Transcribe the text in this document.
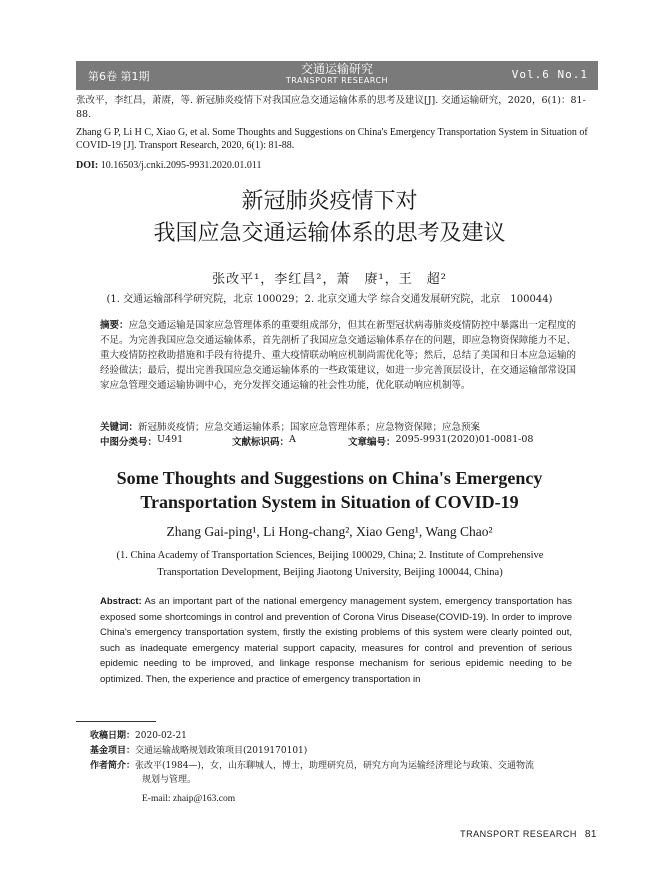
第6卷 第1期
交通运输研究
TRANSPORT RESEARCH	Vol.6 No.1
张改平，李红昌，萧赓，等. 新冠肺炎疫情下对我国应急交通运输体系的思考及建议[J]. 交通运输研究，2020，6(1)：81-88.
Zhang G P, Li H C, Xiao G, et al. Some Thoughts and Suggestions on China's Emergency Transportation System in Situation of COVID-19 [J]. Transport Research, 2020, 6(1): 81-88.
DOI: 10.16503/j.cnki.2095-9931.2020.01.011
新冠肺炎疫情下对
我国应急交通运输体系的思考及建议
张改平¹，李红昌²，萧　赓¹，王　超²
(1. 交通运输部科学研究院，北京 100029；2. 北京交通大学 综合交通发展研究院，北京　100044)
摘要：应急交通运输是国家应急管理体系的重要组成部分，但其在新型冠状病毒肺炎疫情防控中暴露出一定程度的不足。为完善我国应急交通运输体系，首先剖析了我国应急交通运输体系存在的问题，即应急物资保障能力不足、重大疫情防控救助措施和手段有待提升、重大疫情联动响应机制尚需优化等；然后，总结了美国和日本应急运输的经验做法；最后，提出完善我国应急交通运输体系的一些政策建议，如进一步完善顶层设计，在交通运输部常设国家应急管理交通运输协调中心，充分发挥交通运输的社会性功能，优化联动响应机制等。
关键词：新冠肺炎疫情；应急交通运输体系；国家应急管理体系；应急物资保障；应急预案
中图分类号： U491	文献标识码： A	文章编号： 2095-9931(2020)01-0081-08
Some Thoughts and Suggestions on China's Emergency
Transportation System in Situation of COVID-19
Zhang Gai-ping¹, Li Hong-chang², Xiao Geng¹, Wang Chao²
(1. China Academy of Transportation Sciences, Beijing 100029, China; 2. Institute of Comprehensive Transportation Development, Beijing Jiaotong University, Beijing 100044, China)
Abstract: As an important part of the national emergency management system, emergency transportation has exposed some shortcomings in control and prevention of Corona Virus Disease(COVID-19). In order to improve China's emergency transportation system, firstly the existing problems of this system were clearly pointed out, such as inadequate emergency material support capacity, measures for control and prevention of serious epidemic needing to be improved, and linkage response mechanism for serious epidemic needing to be optimized. Then, the experience and practice of emergency transportation in
收稿日期：2020-02-21
基金项目：交通运输战略规划政策项目(2019170101)
作者简介：张改平(1984—)，女，山东聊城人，博士，助理研究员，研究方向为运输经济理论与政策、交通物流
规划与管理。
E-mail: zhaip@163.com
TRANSPORT RESEARCH 81
